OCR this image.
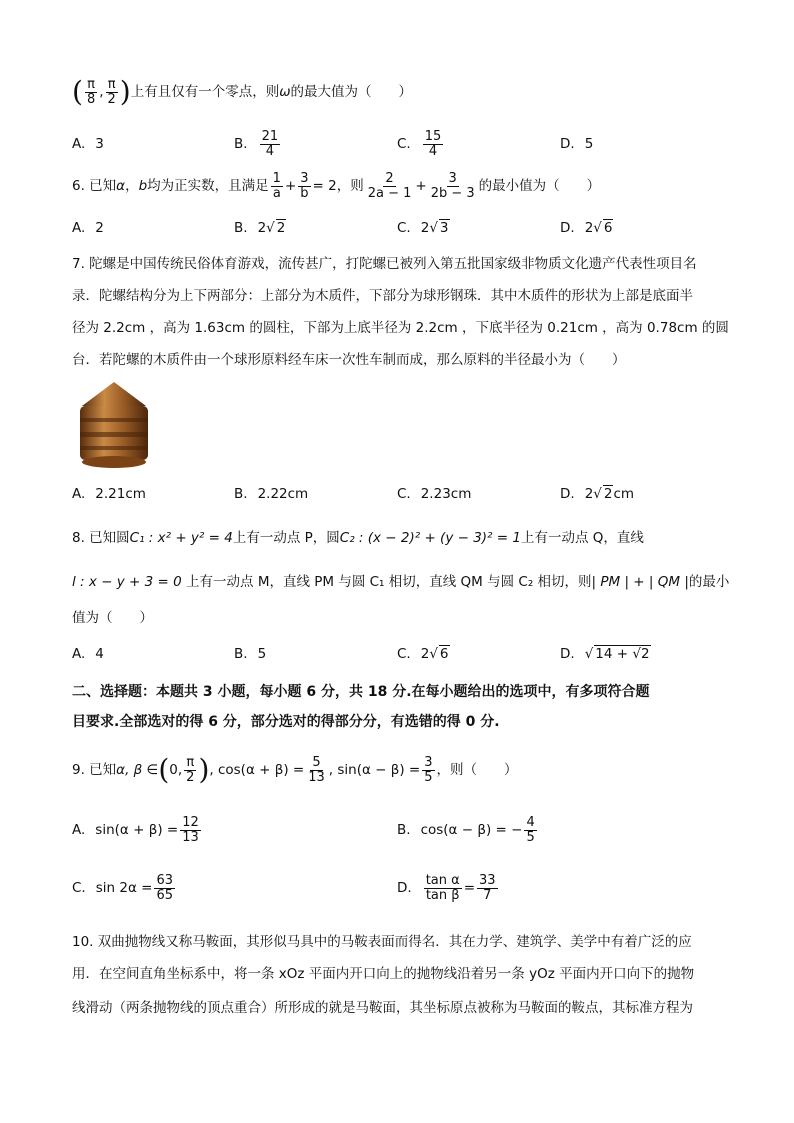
( $\frac{\pi}{8}$ , $\frac{\pi}{2}$ ) 上有且仅有一个零点，则 ω 的最大值为（　　）
A. 3	B. $\frac{21}{4}$	C. $\frac{15}{4}$	D. 5
6. 已知 α ， b 均为正实数，且满足 $\frac{1}{a} + \frac{3}{b} = 2$，则 $\frac{2}{2a - 1} + \frac{3}{2b - 3}$ 的最小值为（　　）
A. 2	B. 2 √ 2	C. 2 √ 3	D. 2 √ 6
7. 陀螺是中国传统民俗体育游戏，流传甚广，打陀螺已被列入第五批国家级非物质文化遗产代表性项目名
录．陀螺结构分为上下两部分：上部分为木质件，下部分为球形钢珠．其中木质件的形状为上部是底面半
径为 2.2cm ，高为 1.63cm 的圆柱，下部为上底半径为 2.2cm ，下底半径为 0.21cm ，高为 0.78cm 的圆
台．若陀螺的木质件由一个球形原料经车床一次性车制而成，那么原料的半径最小为（　　）
A. 2.21cm	B. 2.22cm	C. 2.23cm	D. 2 √ 2 cm
8. 已知圆C₁ : x² + y² = 4上有一动点 P，圆C₂ : (x − 2)² + (y − 3)² = 1上有一动点 Q，直线
l : x − y + 3 = 0 上有一动点 M，直线 PM 与圆 C₁ 相切，直线 QM 与圆 C₂ 相切，则| PM | + | QM |的最小
值为（　　）
A. 4	B. 5	C. 2 √ 6	D. √ 14 + √2
二、选择题：本题共 3 小题，每小题 6 分，共 18 分.在每小题给出的选项中，有多项符合题
目要求.全部选对的得 6 分，部分选对的得部分分，有选错的得 0 分.
9. 已知 α, β ∈ ( 0, $\frac{\pi}{2}$ ) , $\cos(\alpha + \beta) = \frac{5}{13}$ , $\sin(\alpha - \beta) = \frac{3}{5}$ ，则（　　）
A. $\sin(\alpha + \beta) = \frac{12}{13}$	B. cos(α − β) = − $\frac{4}{5}$
C. $\sin 2\alpha = \frac{63}{65}$	D. $\frac{\text{tan α}}{\text{tan β}} = \frac{33}{7}$
10. 双曲抛物线又称马鞍面，其形似马具中的马鞍表面而得名．其在力学、建筑学、美学中有着广泛的应
用．在空间直角坐标系中，将一条 xOz 平面内开口向上的抛物线沿着另一条 yOz 平面内开口向下的抛物
线滑动（两条抛物线的顶点重合）所形成的就是马鞍面，其坐标原点被称为马鞍面的鞍点，其标准方程为
